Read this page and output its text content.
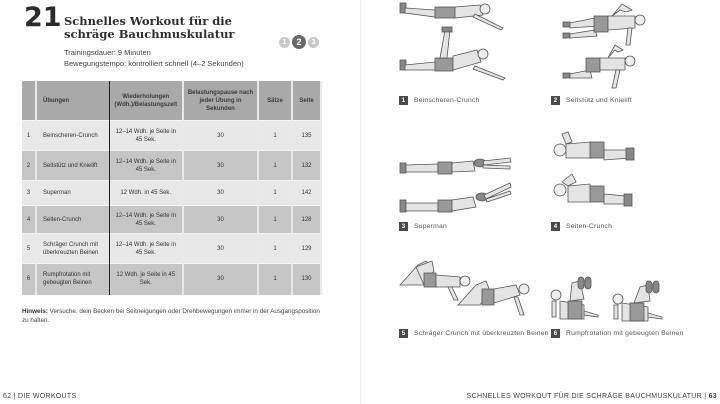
21 Schnelles Workout für die schräge Bauchmuskulatur
Trainingsdauer: 9 Minuten
Bewegungstempo: kontrolliert schnell (4–2 Sekunden)
1	2	3
	Übungen	Wiederholungen (Wdh.)/Belastungszeit	Belastungspause nach jeder Übung in Sekunden	Sätze	Seite
1	Beinscheren-Crunch	12–14 Wdh. je Seite in 45 Sek.	30	1	135
2	Seitstütz und Knielift	12–14 Wdh. je Seite in 45 Sek.	30	1	132
3	Superman	12 Wdh. in 45 Sek.	30	1	142
4	Seiten-Crunch	12–14 Wdh. je Seite in 45 Sek.	30	1	128
5	Schräger Crunch mit überkreuzten Beinen	12–14 Wdh. je Seite in 45 Sek.	30	1	129
6	Rumpfrotation mit gebeugten Beinen	12 Wdh. je Seite in 45 Sek.	30	1	130
Hinweis: Versuche, dein Becken bei Seitneigungen oder Drehbewegungen immer in der Ausgangsposition zu halten.
62 | DIE WORKOUTS
1	Beinscheren-Crunch	2	Seitstütz und Knielift
3	Superman	4	Seiten-Crunch
5	Schräger Crunch mit überkreuzten Beinen 6	Rumpfrotation mit gebeugten Beinen
SCHNELLES WORKOUT FÜR DIE SCHRÄGE BAUCHMUSKULATUR | 63
